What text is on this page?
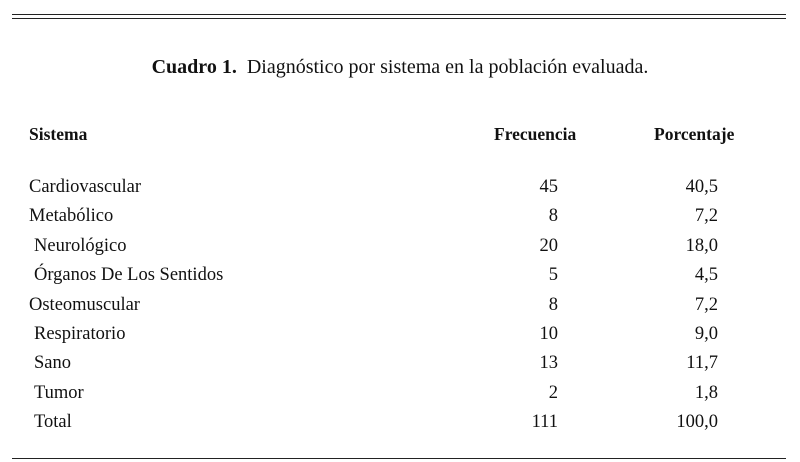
Cuadro 1. Diagnóstico por sistema en la población evaluada.
Sistema	Frecuencia	Porcentaje
Cardiovascular	45	40,5
Metabólico	8	7,2
Neurológico	20	18,0
Órganos De Los Sentidos	5	4,5
Osteomuscular	8	7,2
Respiratorio	10	9,0
Sano	13	11,7
Tumor	2	1,8
Total	111	100,0
